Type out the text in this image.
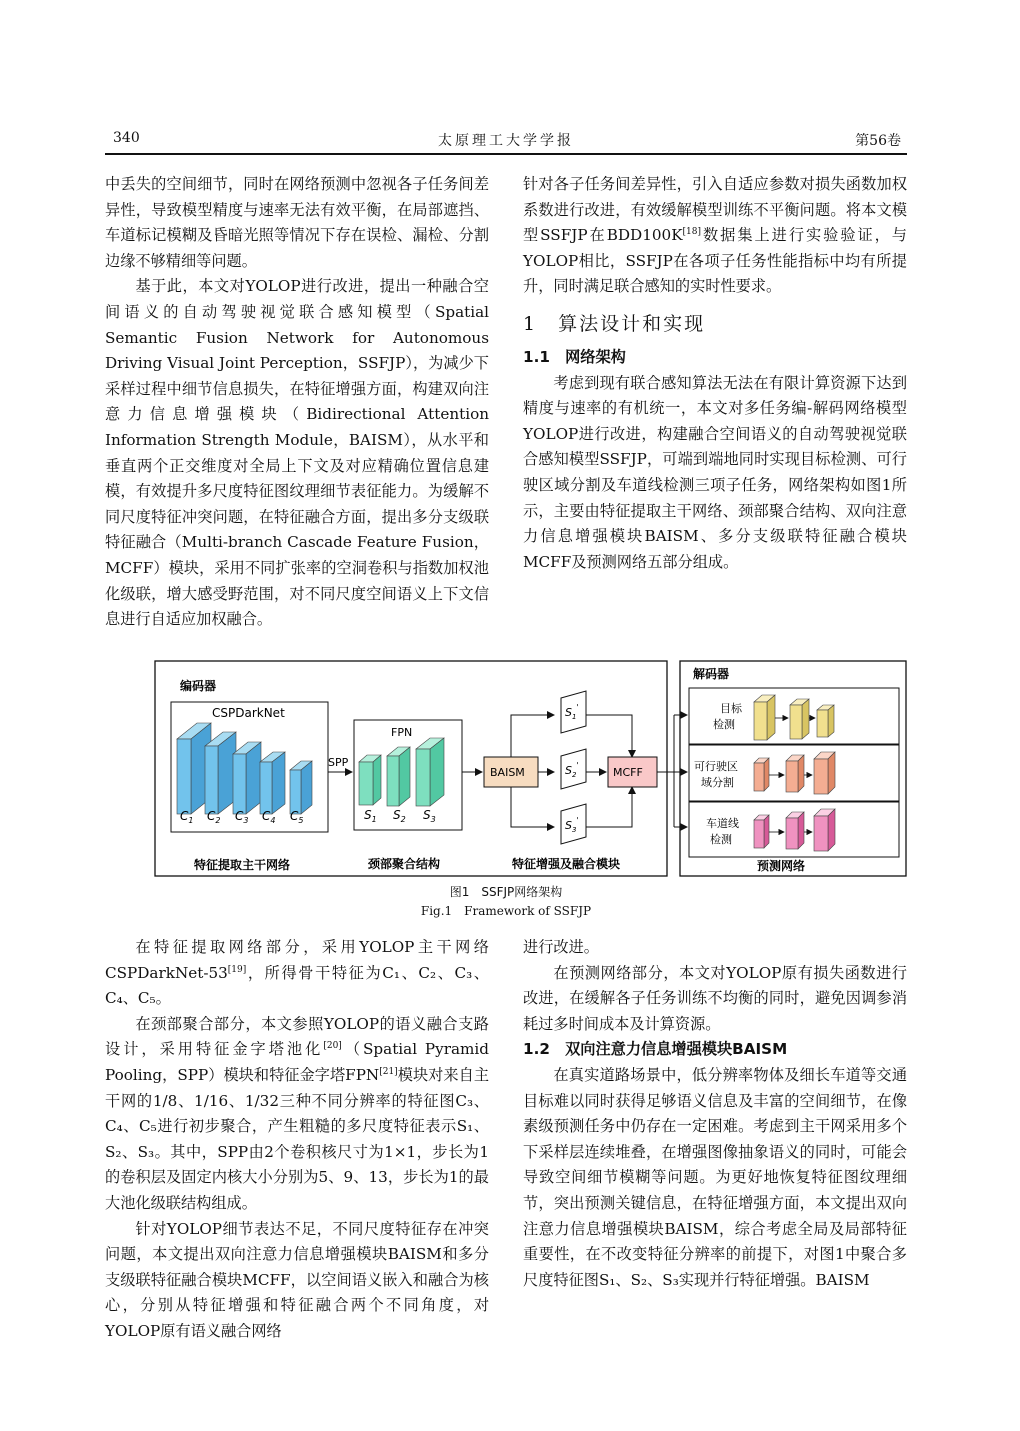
太原理工大学学报
340	第56卷

中丢失的空间细节，同时在网络预测中忽视各子任务间差异性，导致模型精度与速率无法有效平衡，在局部遮挡、车道标记模糊及昏暗光照等情况下存在误检、漏检、分割边缘不够精细等问题。

基于此，本文对YOLOP进行改进，提出一种融合空间语义的自动驾驶视觉联合感知模型（Spatial Semantic Fusion Network for Autonomous Driving Visual Joint Perception，SSFJP），为减少下采样过程中细节信息损失，在特征增强方面，构建双向注意力信息增强模块（Bidirectional Attention Information Strength Module，BAISM），从水平和垂直两个正交维度对全局上下文及对应精确位置信息建模，有效提升多尺度特征图纹理细节表征能力。为缓解不同尺度特征冲突问题，在特征融合方面，提出多分支级联特征融合（Multi-branch Cascade Feature Fusion，MCFF）模块，采用不同扩张率的空洞卷积与指数加权池化级联，增大感受野范围，对不同尺度空间语义上下文信息进行自适应加权融合。

针对各子任务间差异性，引入自适应参数对损失函数加权系数进行改进，有效缓解模型训练不平衡问题。将本文模型SSFJP在BDD100K[18]数据集上进行实验验证，与YOLOP相比，SSFJP在各项子任务性能指标中均有所提升，同时满足联合感知的实时性要求。

1　算法设计和实现
1.1　网络架构

考虑到现有联合感知算法无法在有限计算资源下达到精度与速率的有机统一，本文对多任务编-解码网络模型YOLOP进行改进，构建融合空间语义的自动驾驶视觉联合感知模型SSFJP，可端到端地同时实现目标检测、可行驶区域分割及车道线检测三项子任务，网络架构如图1所示，主要由特征提取主干网络、颈部聚合结构、双向注意力信息增强模块BAISM、多分支级联特征融合模块MCFF及预测网络五部分组成。

编码器
解码器
CSPDarkNet
$C_1$ $C_2$ $C_3$ $C_4$ $C_5$
特征提取主干网络
SPP
FPN
$S_1$ $S_2$ $S_3$
颈部聚合结构
BAISM
$S_1'$
$S_2'$
$S_3'$
MCFF
特征增强及融合模块
目标
检测
可行驶区
域分割
车道线
检测
预测网络
图1　SSFJP网络架构
Fig.1　Framework of SSFJP

在特征提取网络部分，采用YOLOP主干网络CSPDarkNet-53[19]，所得骨干特征为C₁、C₂、C₃、C₄、C₅。

在颈部聚合部分，本文参照YOLOP的语义融合支路设计，采用特征金字塔池化[20]（Spatial Pyramid Pooling，SPP）模块和特征金字塔FPN[21]模块对来自主干网的1/8、1/16、1/32三种不同分辨率的特征图C₃、C₄、C₅进行初步聚合，产生粗糙的多尺度特征表示S₁、S₂、S₃。其中，SPP由2个卷积核尺寸为1×1，步长为1的卷积层及固定内核大小分别为5、9、13，步长为1的最大池化级联结构组成。

针对YOLOP细节表达不足，不同尺度特征存在冲突问题，本文提出双向注意力信息增强模块BAISM和多分支级联特征融合模块MCFF，以空间语义嵌入和融合为核心，分别从特征增强和特征融合两个不同角度，对YOLOP原有语义融合网络

进行改进。

在预测网络部分，本文对YOLOP原有损失函数进行改进，在缓解各子任务训练不均衡的同时，避免因调参消耗过多时间成本及计算资源。

1.2　双向注意力信息增强模块BAISM

在真实道路场景中，低分辨率物体及细长车道等交通目标难以同时获得足够语义信息及丰富的空间细节，在像素级预测任务中仍存在一定困难。考虑到主干网采用多个下采样层连续堆叠，在增强图像抽象语义的同时，可能会导致空间细节模糊等问题。为更好地恢复特征图纹理细节，突出预测关键信息，在特征增强方面，本文提出双向注意力信息增强模块BAISM，综合考虑全局及局部特征重要性，在不改变特征分辨率的前提下，对图1中聚合多尺度特征图S₁、S₂、S₃实现并行特征增强。BAISM
